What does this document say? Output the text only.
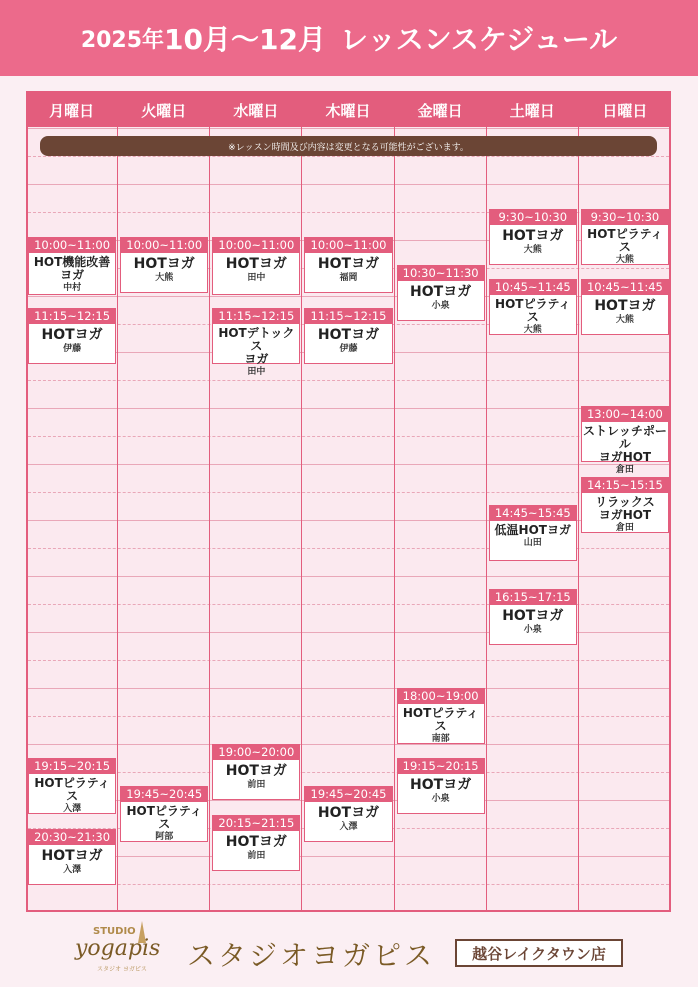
2025年 10月～12月 レッスンスケジュール
月曜日	火曜日	水曜日	木曜日	金曜日	土曜日	日曜日
※レッスン時間及び内容は変更となる可能性がございます。
10:00~11:00
HOT機能改善
ヨガ
中村
11:15~12:15
HOTヨガ
伊藤
19:15~20:15
HOTピラティス
入澤
20:30~21:30
HOTヨガ
入澤
10:00~11:00
HOTヨガ
大熊
19:45~20:45
HOTピラティス
阿部
10:00~11:00
HOTヨガ
田中
11:15~12:15
HOTデトックス
ヨガ
田中
19:00~20:00
HOTヨガ
前田
20:15~21:15
HOTヨガ
前田
10:00~11:00
HOTヨガ
福岡
11:15~12:15
HOTヨガ
伊藤
19:45~20:45
HOTヨガ
入澤
10:30~11:30
HOTヨガ
小泉
18:00~19:00
HOTピラティス
南部
19:15~20:15
HOTヨガ
小泉
9:30~10:30
HOTヨガ
大熊
10:45~11:45
HOTピラティス
大熊
14:45~15:45
低温HOTヨガ
山田
16:15~17:15
HOTヨガ
小泉
9:30~10:30
HOTピラティス
大熊
10:45~11:45
HOTヨガ
大熊
13:00~14:00
ストレッチポール
ヨガHOT
倉田
14:15~15:15
リラックス
ヨガHOT
倉田
STUDIO
yogapis
スタジオ ヨガピス スタジオヨガピス	越谷レイクタウン店
